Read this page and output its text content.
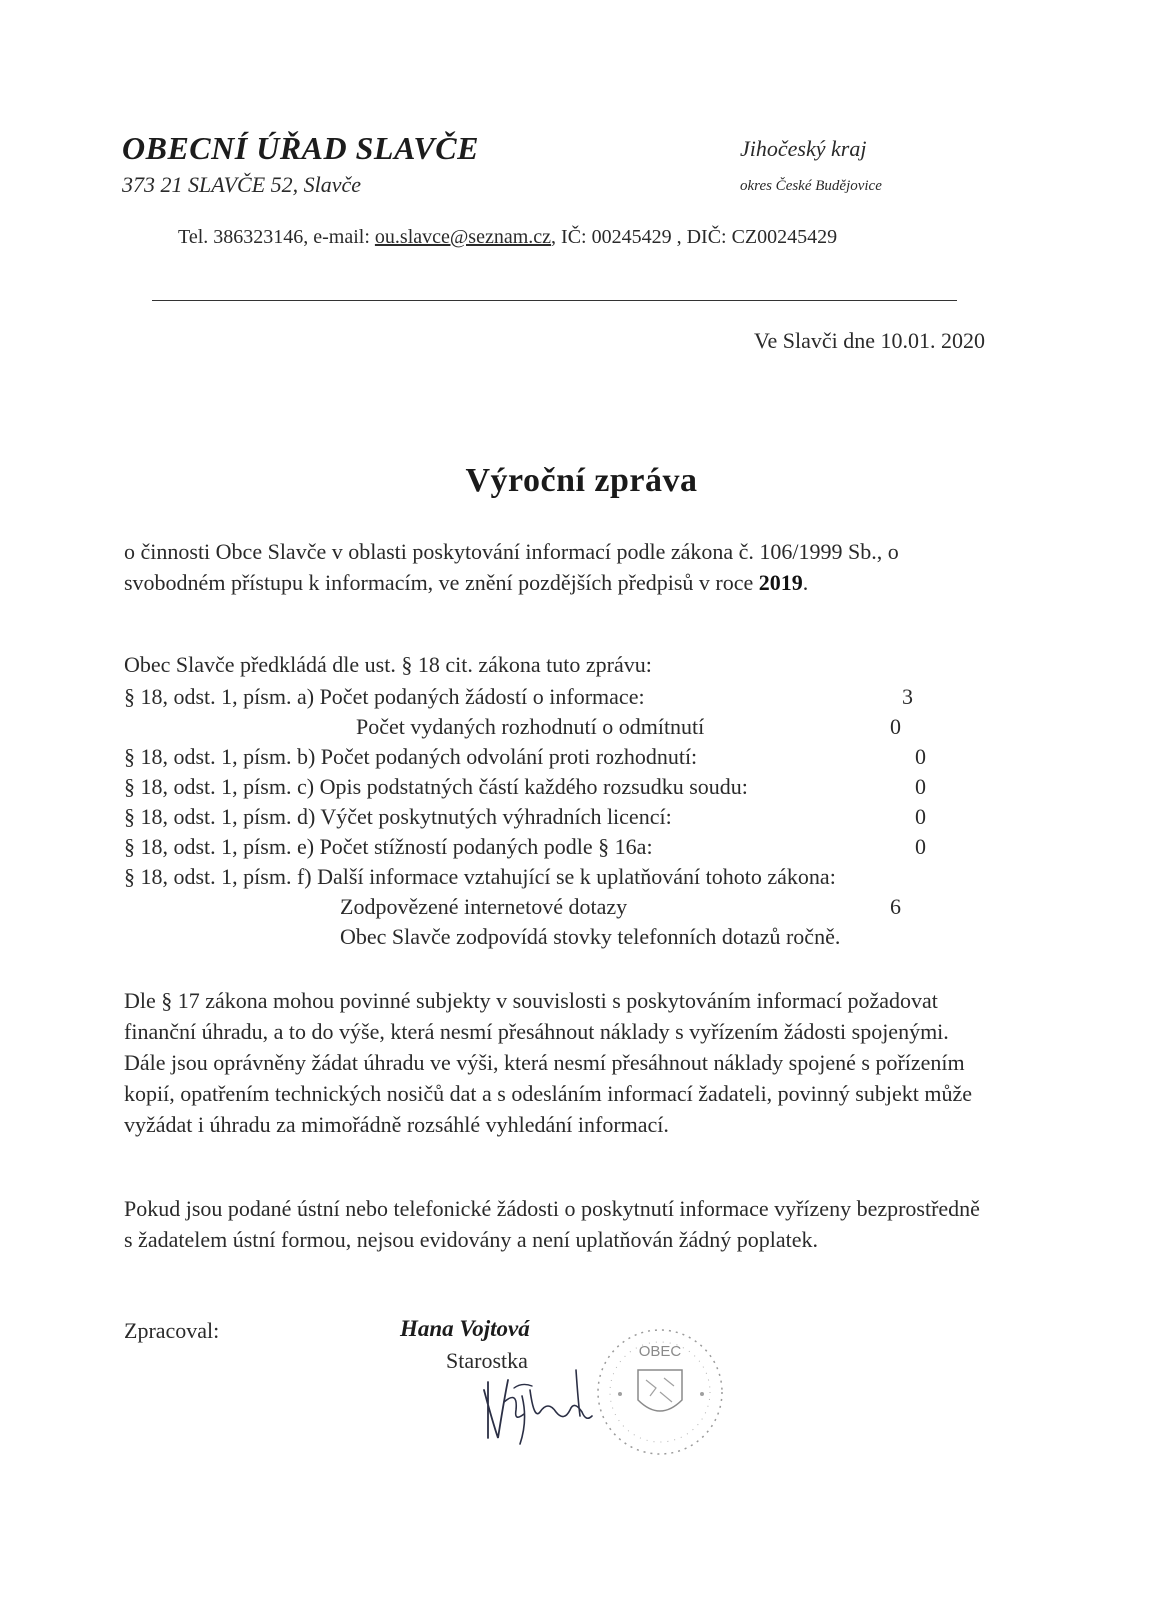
OBECNÍ ÚŘAD SLAVČE
373 21 SLAVČE 52, Slavče
Jihočeský kraj
okres České Budějovice
Tel. 386323146, e-mail: ou.slavce@seznam.cz, IČ: 00245429 , DIČ: CZ00245429
Ve Slavči dne 10.01. 2020
Výroční zpráva
o činnosti Obce Slavče v oblasti poskytování informací podle zákona č. 106/1999 Sb., o svobodném přístupu k informacím, ve znění pozdějších předpisů v roce 2019.
Obec Slavče předkládá dle ust. § 18 cit. zákona tuto zprávu:
§ 18, odst. 1, písm. a) Počet podaných žádostí o informace:	3
Počet vydaných rozhodnutí o odmítnutí	0
§ 18, odst. 1, písm. b) Počet podaných odvolání proti rozhodnutí:	0
§ 18, odst. 1, písm. c) Opis podstatných částí každého rozsudku soudu:	0
§ 18, odst. 1, písm. d) Výčet poskytnutých výhradních licencí:	0
§ 18, odst. 1, písm. e) Počet stížností podaných podle § 16a:	0
§ 18, odst. 1, písm. f) Další informace vztahující se k uplatňování tohoto zákona:
Zodpovězené internetové dotazy	6
Obec Slavče zodpovídá stovky telefonních dotazů ročně.
Dle § 17 zákona mohou povinné subjekty v souvislosti s poskytováním informací požadovat finanční úhradu, a to do výše, která nesmí přesáhnout náklady s vyřízením žádosti spojenými. Dále jsou oprávněny žádat úhradu ve výši, která nesmí přesáhnout náklady spojené s pořízením kopií, opatřením technických nosičů dat a s odesláním informací žadateli, povinný subjekt může vyžádat i úhradu za mimořádně rozsáhlé vyhledání informací.
Pokud jsou podané ústní nebo telefonické žádosti o poskytnutí informace vyřízeny bezprostředně s žadatelem ústní formou, nejsou evidovány a není uplatňován žádný poplatek.
Zpracoval:	Hana Vojtová
Starostka	OBEC
